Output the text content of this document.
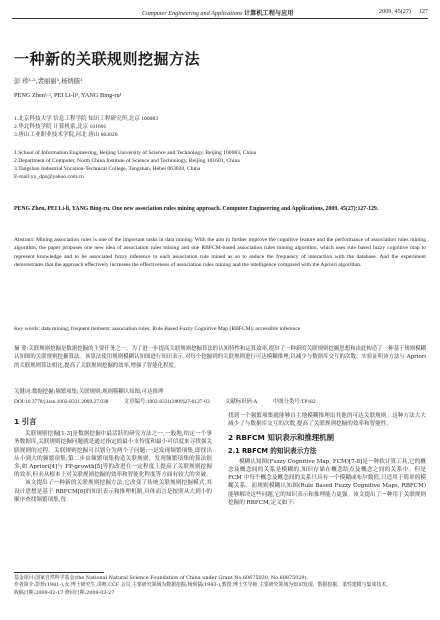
Computer Engineering and Applications 计算机工程与应用	2009, 45(27) 127
一种新的关联规则挖掘方法
彭 珍¹·²,裴丽丽³,杨炳儒¹
PENG Zhen¹·², PEI Li-li³, YANG Bing-ru¹
1.北京科技大学 信息工程学院 知识工程研究所,北京 100083
2.华北科技学院 计算机系,北京 101601
3.唐山工业职业技术学院,河北 唐山 063020
1.School of Information Engineering, Beijing University of Science and Technology, Beijing 100083, China
2.Department of Computer, North China Institute of Science and Technology, Beijing 101601, China
3.Tangshan Industrial Vocation-Technical College, Tangshan, Hebei 063020, China
E-mail:yx_dpz@yahoo.com.cn
PENG Zhen, PEI Li-li, YANG Bing-ru. One new association rules mining approach. Computer Engineering and Applications, 2009, 45(27):127-129.
Abstract: Mining association rules is one of the important tasks in data mining. With the aim to further improve the cognitive feature and the performance of association rules mining algorithm, the paper proposes one new idea of association rules mining and one RBFCM-based association rules mining algorithm, which uses rule based fuzzy cognitive map to represent knowledge and to be associated fuzzy inference to each association rule mined as so to reduce the frequency of interaction with the database. And the experiment demonstrates that the approach effectively increases the effectiveness of association rules mining and the intelligence compared with the Apriori algorithm.
Key words: data mining; frequent itemsets; association rules; Rule Based Fuzzy Cognitive Map (RBFCM); accessible inference
摘 要:关联规则挖掘是数据挖掘的主要任务之一。为了进一步提高关联规则挖掘算法的认知特性和运算效率,提出了一种新的关联规则挖掘思想和由此构造了一种基于规则模糊认知图的关联规则挖掘算法。该算法使用规则模糊认知图进行知识表示,对每个挖掘到的关联规则进行可达模糊推理,以减少与数据库交互的次数。实验证明该方法与 Apriori 的关联规则算法相比,提高了关联规则挖掘的效率,增强了智能化程度。
关键词:数据挖掘;频繁项集;关联规则;规则模糊认知图;可达推理
DOI:10.3778/j.issn.1002-8331.2009.27.038	文章编号:1002-8331(2009)27-0127-03	文献标识码:A	中图分类号:TP182
1 引言

关联规则挖掘[1-3]是数据挖掘中最活跃的研究方法之一,一般地,给定一个事务数据库,关联规则挖掘问题就是通过指定的最小支持度和最小可信度来寻找强关联规则的过程。关联规则挖掘可以划分为两个子问题:一是发现频繁项集,即找出从小到大的频繁项集;第二步由频繁项集构造关联规则。发现频繁项集的算法很多,如 Apriori[4]与 FP-growth[5]等的改进在一定程度上提高了关联规则挖掘的效率,但未从根本上对关联规则挖掘的效率和智能化程度等方面有较大的突破。

该文提出了一种新的关联规则挖掘方法,它改变了传统关联规则挖掘模式,其设计思想是基于 RBFCM[6]的知识表示和推理机制,具体而言是按照从大到小的顺序查找频繁项集,每

找到一个频繁项集就能够自主地模糊推理出其他的可达关联规则。这种方法大大减少了与数据库交互的次数,提高了关联规则挖掘的效率和智能性。

2 RBFCM 知识表示和推理机制
2.1 RBFCM 的知识表示方法

模糊认知图(Fuzzy Cognitive Map, FCM)[7-8]是一种软计算工具,它的概念及概念间的关系是模糊的,知识存储在概念结点及概念之间的关系中。但是 FCM 中每个概念及概念间的关系只具有一个模糊或布尔数值,只适用于简单的模糊关系。而规则模糊认知图(Rule Based Fuzzy Cognitive Maps, RBFCM)能够解决这些问题,它的知识表示和推理能力更强。该文提出了一种用于关联规则挖掘的 RBFCM,定义如下:

基金项目:国家自然科学基金(the National Natural Science Foundation of China under Grant No.60675030, No.60875029)。
作者简介:彭珍(1981-),女,博士研究生,讲师,CCF 会员,主要研究领域为数据挖掘;杨炳儒(1943-),教授,博士生导师,主要研究领域为知识发现、数据挖掘、柔性建模与集成技术。
收稿日期:2009-02-17 修回日期:2009-03-27
